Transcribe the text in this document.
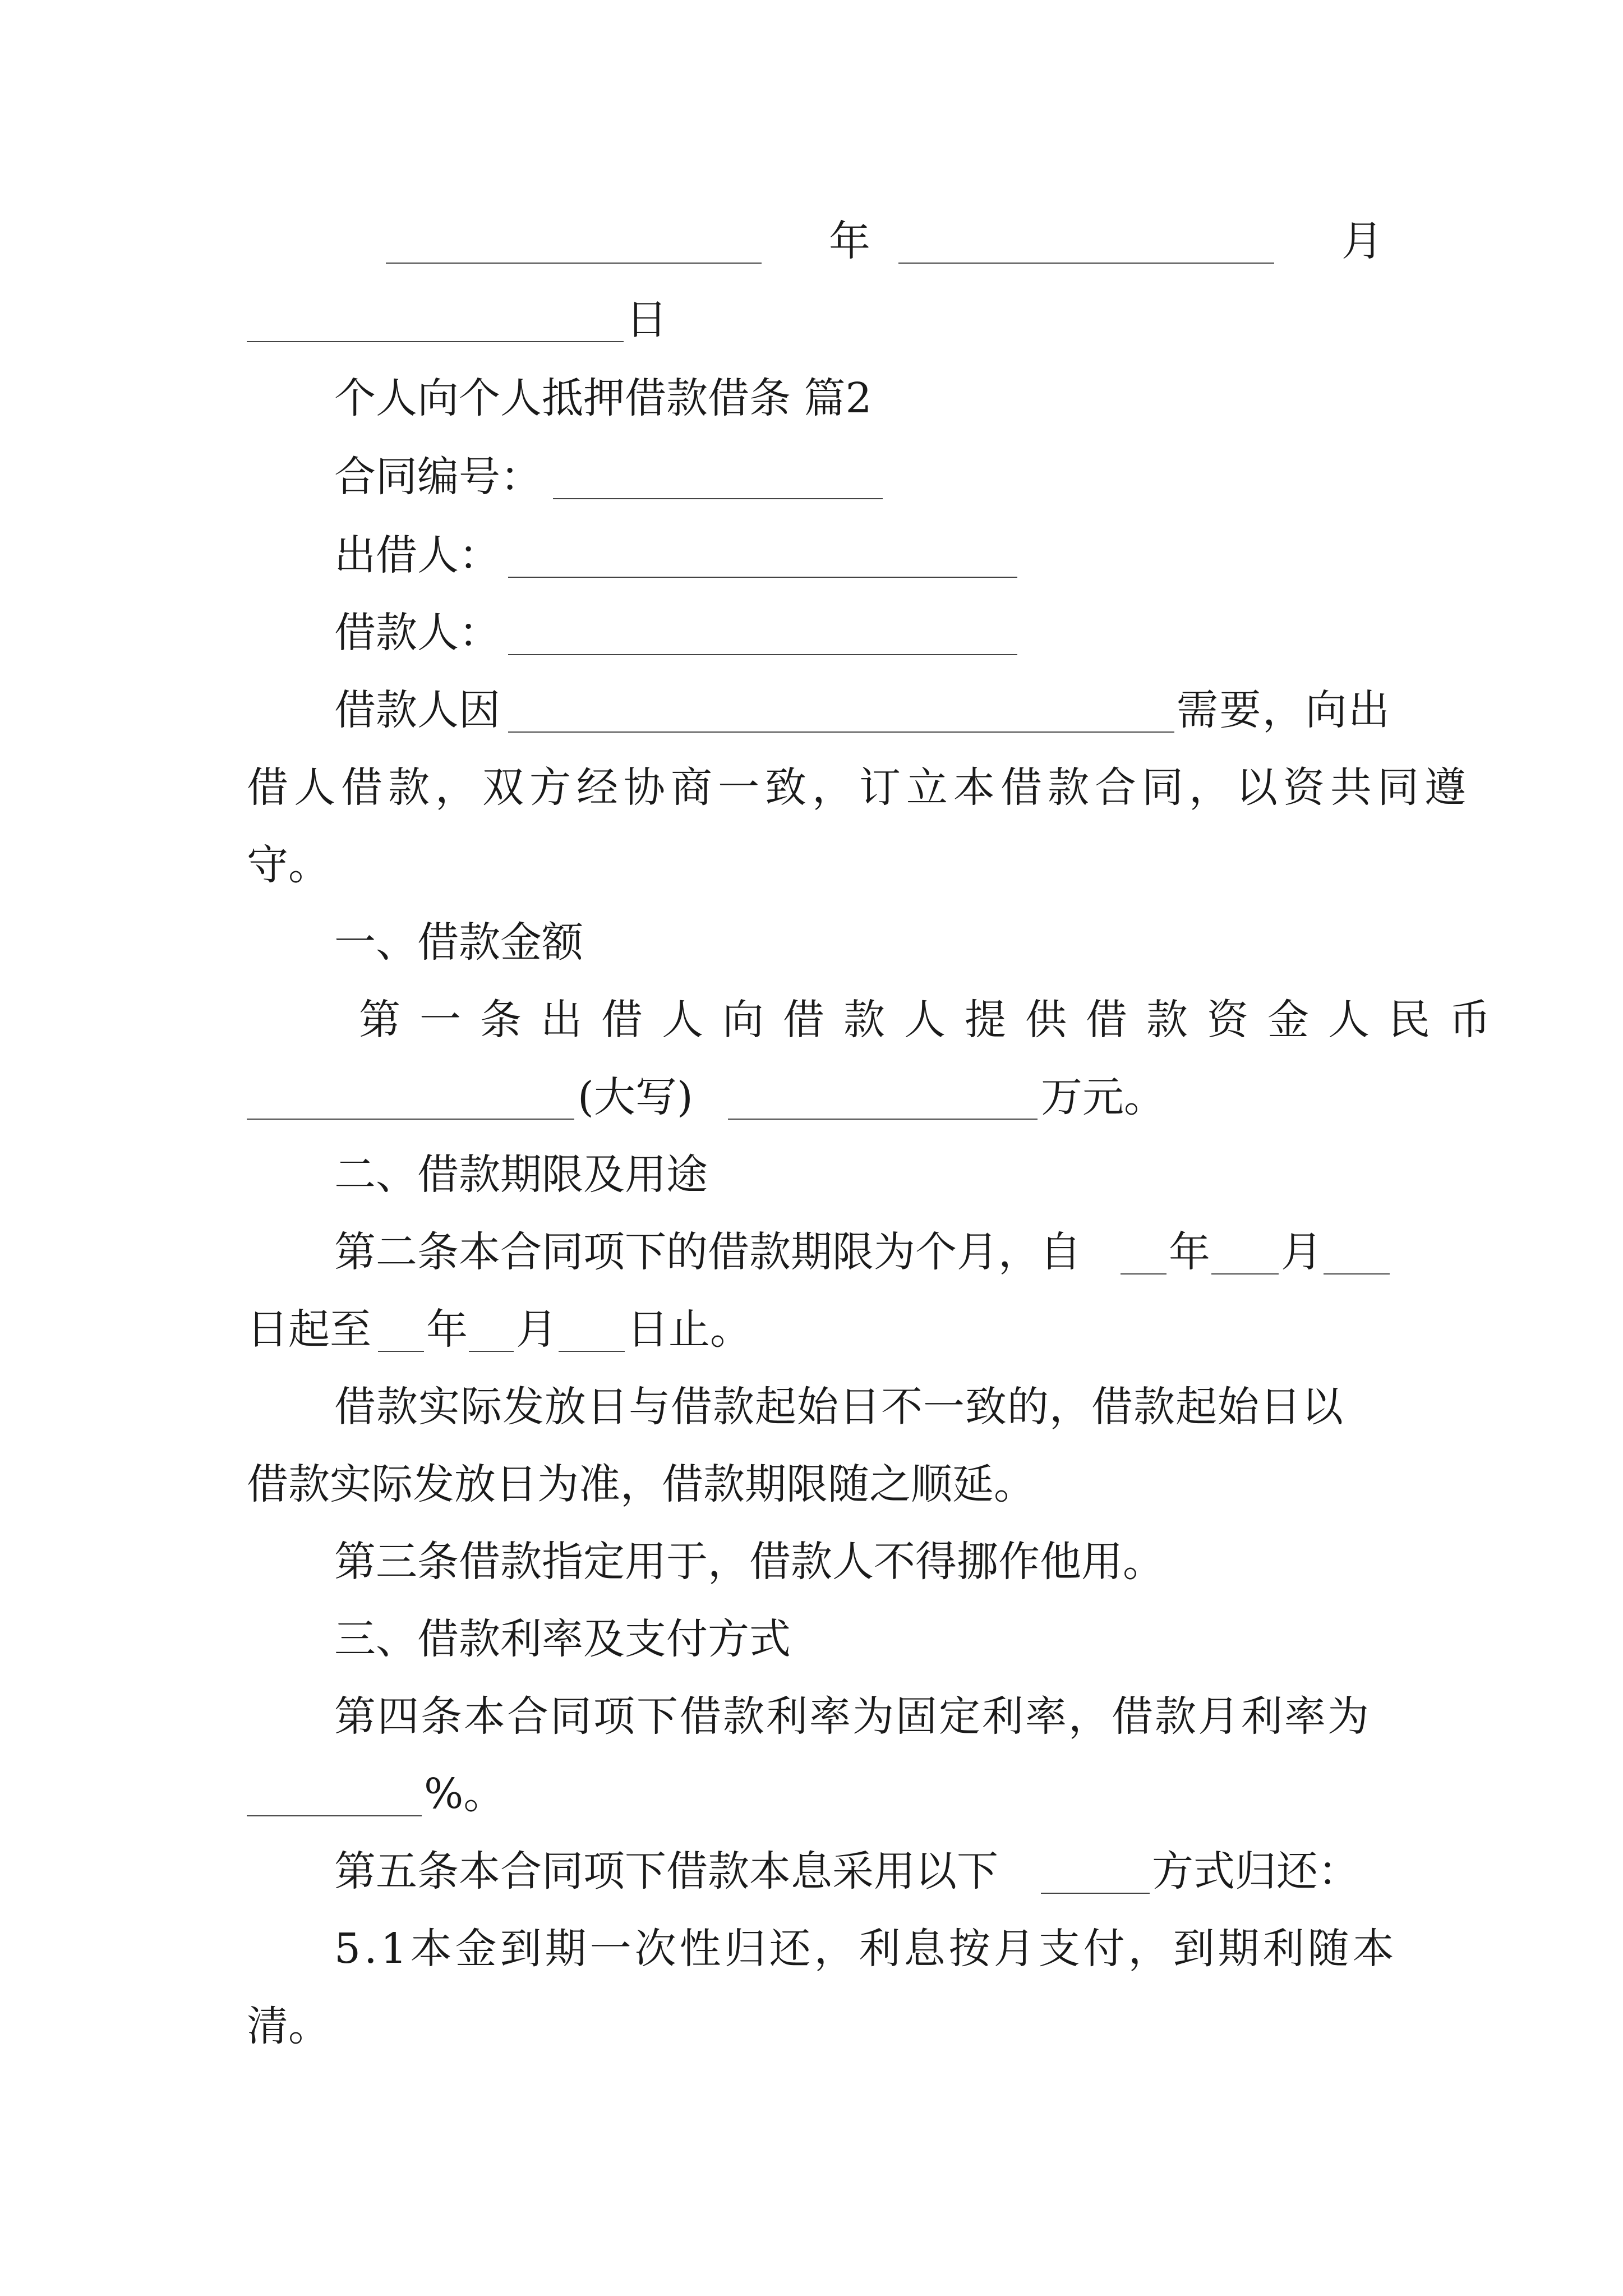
年	月
日
个人向个人抵押借款借条 篇2
合同编号：
出借人：
借款人：
借款人因	需 要 ， 向 出
借人借款，双方经协商一致，订立本借款合同，以资共同遵
守。
一、借款金额
第一条出借人向借款人提供借款资金人民币
(大写)	万元。
二、借款期限及用途
第二条本合同项下的借款期限为个月，自 年 月
日起至 年 月 日止。
借款实际发放日与借款起始日不一致的，借款起始日以
借款实际发放日为准，借款期限随之顺延。
第三条借款指定用于，借款人不得挪作他用。
三、借款利率及支付方式
第四条本合同项下借款利率为固定利率，借款月利率为
%。
第五条本合同项下借款本息采用以下	方式归还：
5.1本金到期一次性归还，利息按月支付，到期利随本
清。
